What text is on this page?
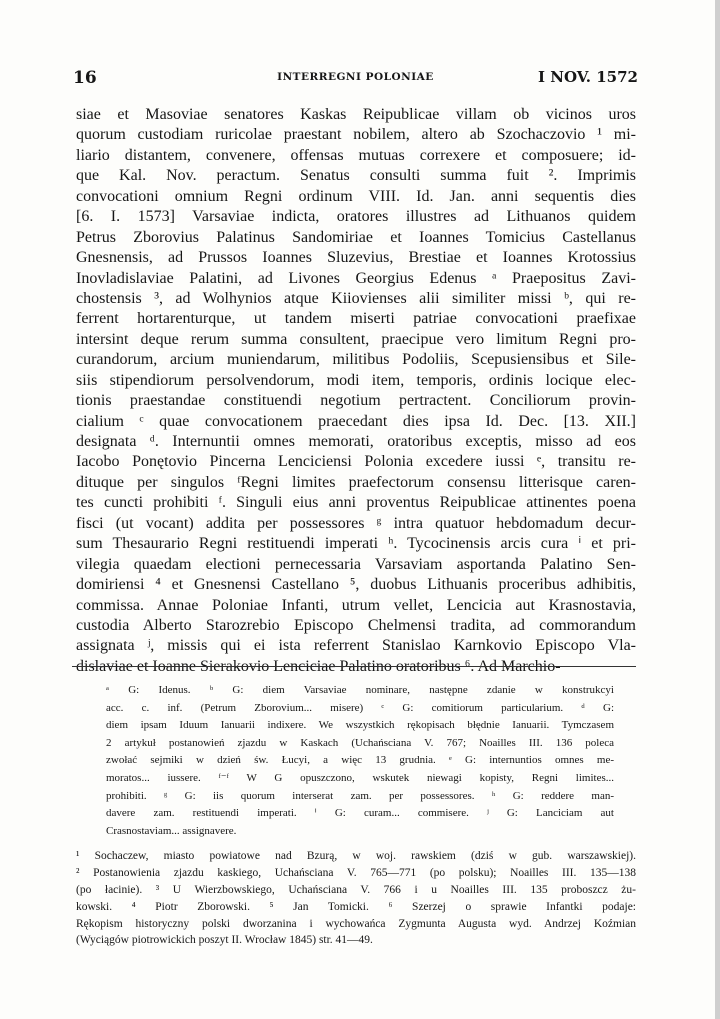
16	INTERREGNI POLONIAE	I NOV. 1572
siae et Masoviae senatores Kaskas Reipublicae villam ob vicinos uros
quorum custodiam ruricolae praestant nobilem, altero ab Szochaczovio ¹ mi-
liario distantem, convenere, offensas mutuas correxere et composuere; id-
que Kal. Nov. peractum. Senatus consulti summa fuit ². Imprimis
convocationi omnium Regni ordinum VIII. Id. Jan. anni sequentis dies
[6. I. 1573] Varsaviae indicta, oratores illustres ad Lithuanos quidem
Petrus Zborovius Palatinus Sandomiriae et Ioannes Tomicius Castellanus
Gnesnensis, ad Prussos Ioannes Sluzevius, Brestiae et Ioannes Krotossius
Inovladislaviae Palatini, ad Livones Georgius Edenus ᵃ Praepositus Zavi-
chostensis ³, ad Wolhynios atque Kiiovienses alii similiter missi ᵇ, qui re-
ferrent hortarenturque, ut tandem miserti patriae convocationi praefixae
intersint deque rerum summa consultent, praecipue vero limitum Regni pro-
curandorum, arcium muniendarum, militibus Podoliis, Scepusiensibus et Sile-
siis stipendiorum persolvendorum, modi item, temporis, ordinis locique elec-
tionis praestandae constituendi negotium pertractent. Conciliorum provin-
cialium ᶜ quae convocationem praecedant dies ipsa Id. Dec. [13. XII.]
designata ᵈ. Internuntii omnes memorati, oratoribus exceptis, misso ad eos
Iacobo Ponętovio Pincerna Lenciciensi Polonia excedere iussi ᵉ, transitu re-
dituque per singulos ᶠRegni limites praefectorum consensu litterisque caren-
tes cuncti prohibiti ᶠ. Singuli eius anni proventus Reipublicae attinentes poena
fisci (ut vocant) addita per possessores ᵍ intra quatuor hebdomadum decur-
sum Thesaurario Regni restituendi imperati ʰ. Tycocinensis arcis cura ⁱ et pri-
vilegia quaedam electioni pernecessaria Varsaviam asportanda Palatino Sen-
domiriensi ⁴ et Gnesnensi Castellano ⁵, duobus Lithuanis proceribus adhibitis,
commissa. Annae Poloniae Infanti, utrum vellet, Lencicia aut Krasnostavia,
custodia Alberto Starozrebio Episcopo Chelmensi tradita, ad commorandum
assignata ʲ, missis qui ei ista referrent Stanislao Karnkovio Episcopo Vla-
dislaviae et Ioanne Sierakovio Lenciciae Palatino oratoribus ⁶. Ad Marchio-
ᵃ G: Idenus. ᵇ G: diem Varsaviae nominare, następne zdanie w konstrukcyi
acc. c. inf. (Petrum Zborovium... misere) ᶜ G: comitiorum particularium. ᵈ G:
diem ipsam Iduum Ianuarii indixere. We wszystkich rękopisach błędnie Ianuarii. Tymczasem
2 artykuł postanowień zjazdu w Kaskach (Uchańsciana V. 767; Noailles III. 136 poleca
zwołać sejmiki w dzień św. Łucyi, a więc 13 grudnia. ᵉ G: internuntios omnes me-
moratos... iussere. ᶠ⁻ᶠ W G opuszczono, wskutek niewagi kopisty, Regni limites...
prohibiti. ᵍ G: iis quorum interserat zam. per possessores. ʰ G: reddere man-
davere zam. restituendi imperati. ⁱ G: curam... commisere. ʲ G: Lanciciam aut
Crasnostaviam... assignavere.
¹ Sochaczew, miasto powiatowe nad Bzurą, w woj. rawskiem (dziś w gub. warszawskiej).
² Postanowienia zjazdu kaskiego, Uchańsciana V. 765—771 (po polsku); Noailles III. 135—138
(po łacinie). ³ U Wierzbowskiego, Uchańsciana V. 766 i u Noailles III. 135 proboszcz żu-
kowski. ⁴ Piotr Zborowski. ⁵ Jan Tomicki. ⁶ Szerzej o sprawie Infantki podaje:
Rękopism historyczny polski dworzanina i wychowańca Zygmunta Augusta wyd. Andrzej Koźmian
(Wyciągów piotrowickich poszyt II. Wrocław 1845) str. 41—49.
